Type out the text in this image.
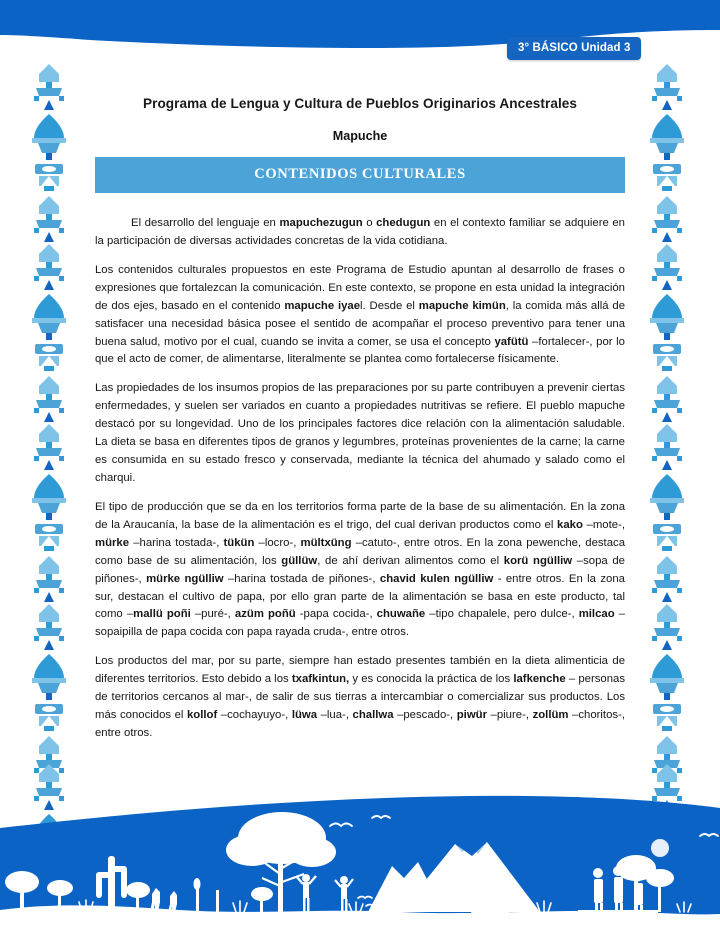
3° BÁSICO Unidad 3
Programa de Lengua y Cultura de Pueblos Originarios Ancestrales
Mapuche
CONTENIDOS CULTURALES

El desarrollo del lenguaje en mapuchezugun o chedugun en el contexto familiar se adquiere en la participación de diversas actividades concretas de la vida cotidiana.

Los contenidos culturales propuestos en este Programa de Estudio apuntan al desarrollo de frases o expresiones que fortalezcan la comunicación. En este contexto, se propone en esta unidad la integración de dos ejes, basado en el contenido mapuche iyael. Desde el mapuche kimün, la comida más allá de satisfacer una necesidad básica posee el sentido de acompañar el proceso preventivo para tener una buena salud, motivo por el cual, cuando se invita a comer, se usa el concepto yafütü –fortalecer-, por lo que el acto de comer, de alimentarse, literalmente se plantea como fortalecerse físicamente.

Las propiedades de los insumos propios de las preparaciones por su parte contribuyen a prevenir ciertas enfermedades, y suelen ser variados en cuanto a propiedades nutritivas se refiere. El pueblo mapuche destacó por su longevidad. Uno de los principales factores dice relación con la alimentación saludable. La dieta se basa en diferentes tipos de granos y legumbres, proteínas provenientes de la carne; la carne es consumida en su estado fresco y conservada, mediante la técnica del ahumado y salado como el charqui.

El tipo de producción que se da en los territorios forma parte de la base de su alimentación. En la zona de la Araucanía, la base de la alimentación es el trigo, del cual derivan productos como el kako –mote-, mürke –harina tostada-, tükün –locro-, mültxüng –catuto-, entre otros. En la zona pewenche, destaca como base de su alimentación, los güllüw, de ahí derivan alimentos como el korü ngülliw –sopa de piñones-, mürke ngülliw –harina tostada de piñones-, chavid kulen ngülliw - entre otros. En la zona sur, destacan el cultivo de papa, por ello gran parte de la alimentación se basa en este producto, tal como –mallü poñi –puré-, azüm poñü -papa cocida-, chuwañe –tipo chapalele, pero dulce-, milcao –sopaipilla de papa cocida con papa rayada cruda-, entre otros.

Los productos del mar, por su parte, siempre han estado presentes también en la dieta alimenticia de diferentes territorios. Esto debido a los txafkintun, y es conocida la práctica de los lafkenche – personas de territorios cercanos al mar-, de salir de sus tierras a intercambiar o comercializar sus productos. Los más conocidos el kollof –cochayuyo-, lüwa –lua-, challwa –pescado-, piwür –piure-, zollüm –choritos-, entre otros.
